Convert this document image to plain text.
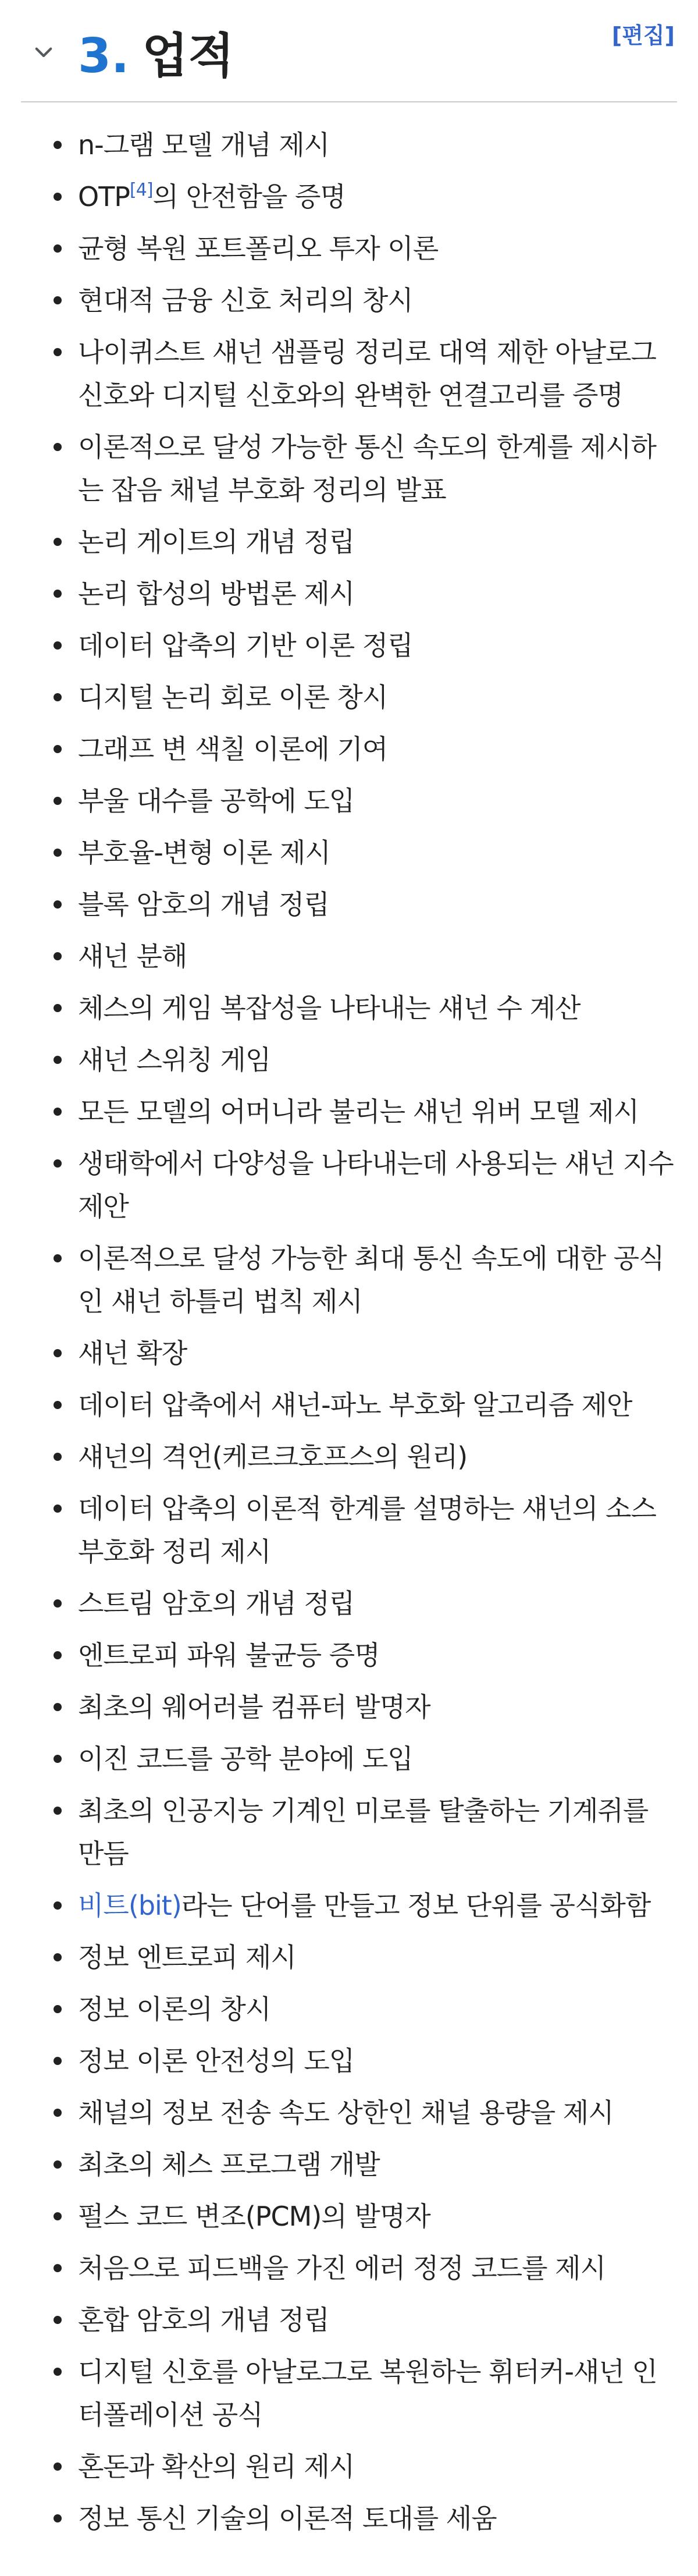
3. 업적	[편집]
n-그램 모델 개념 제시
OTP[4]의 안전함을 증명
균형 복원 포트폴리오 투자 이론
현대적 금융 신호 처리의 창시
나이퀴스트 섀넌 샘플링 정리로 대역 제한 아날로그 신호와 디지털 신호와의 완벽한 연결고리를 증명
이론적으로 달성 가능한 통신 속도의 한계를 제시하는 잡음 채널 부호화 정리의 발표
논리 게이트의 개념 정립
논리 합성의 방법론 제시
데이터 압축의 기반 이론 정립
디지털 논리 회로 이론 창시
그래프 변 색칠 이론에 기여
부울 대수를 공학에 도입
부호율-변형 이론 제시
블록 암호의 개념 정립
섀넌 분해
체스의 게임 복잡성을 나타내는 섀넌 수 계산
섀넌 스위칭 게임
모든 모델의 어머니라 불리는 섀넌 위버 모델 제시
생태학에서 다양성을 나타내는데 사용되는 섀넌 지수 제안
이론적으로 달성 가능한 최대 통신 속도에 대한 공식인 섀넌 하틀리 법칙 제시
섀넌 확장
데이터 압축에서 섀넌-파노 부호화 알고리즘 제안
섀넌의 격언(케르크호프스의 원리)
데이터 압축의 이론적 한계를 설명하는 섀넌의 소스 부호화 정리 제시
스트림 암호의 개념 정립
엔트로피 파워 불균등 증명
최초의 웨어러블 컴퓨터 발명자
이진 코드를 공학 분야에 도입
최초의 인공지능 기계인 미로를 탈출하는 기계쥐를 만듬
비트(bit)라는 단어를 만들고 정보 단위를 공식화함
정보 엔트로피 제시
정보 이론의 창시
정보 이론 안전성의 도입
채널의 정보 전송 속도 상한인 채널 용량을 제시
최초의 체스 프로그램 개발
펄스 코드 변조(PCM)의 발명자
처음으로 피드백을 가진 에러 정정 코드를 제시
혼합 암호의 개념 정립
디지털 신호를 아날로그로 복원하는 휘터커-섀넌 인터폴레이션 공식
혼돈과 확산의 원리 제시
정보 통신 기술의 이론적 토대를 세움
